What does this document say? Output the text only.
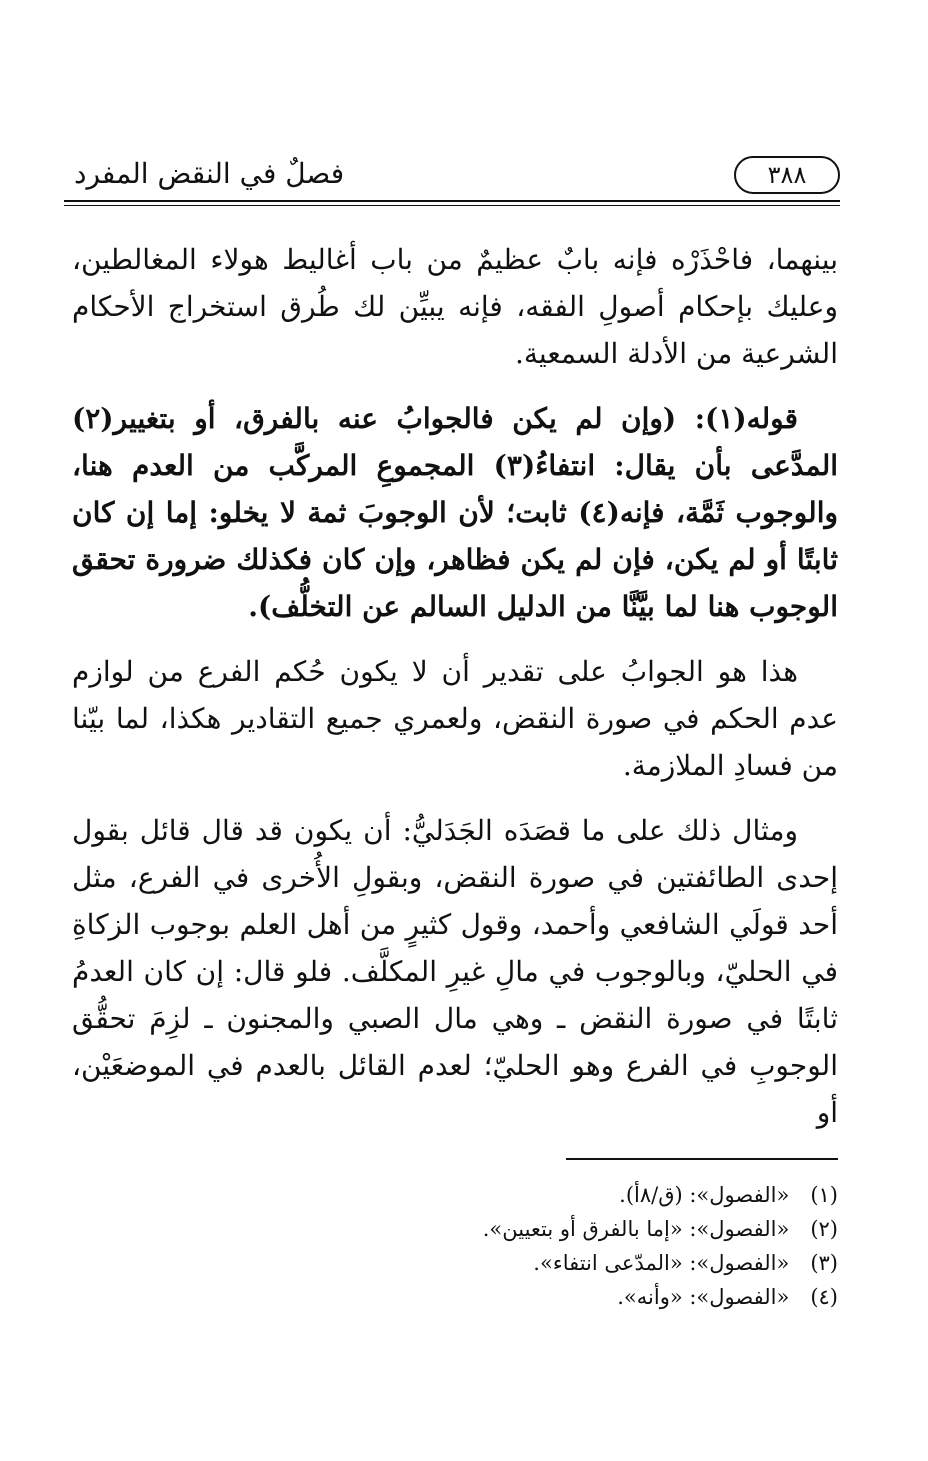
٣٨٨
فصلٌ في النقض المفرد

بينهما، فاحْذَرْه فإنه بابٌ عظيمٌ من باب أغاليط هولاء المغالطين، وعليك بإحكام أصولِ الفقه، فإنه يبيِّن لك طُرق استخراج الأحكام الشرعية من الأدلة السمعية.

قوله(١): (وإن لم يكن فالجوابُ عنه بالفرق، أو بتغيير(٢) المدَّعى بأن يقال: انتفاءُ(٣) المجموعِ المركَّب من العدم هنا، والوجوب ثَمَّة، فإنه(٤) ثابت؛ لأن الوجوبَ ثمة لا يخلو: إما إن كان ثابتًا أو لم يكن، فإن لم يكن فظاهر، وإن كان فكذلك ضرورة تحقق الوجوب هنا لما بيَّنَّا من الدليل السالم عن التخلُّف).

هذا هو الجوابُ على تقدير أن لا يكون حُكم الفرع من لوازم عدم الحكم في صورة النقض، ولعمري جميع التقادير هكذا، لما بيّنا من فسادِ الملازمة.

ومثال ذلك على ما قصَدَه الجَدَليُّ: أن يكون قد قال قائل بقول إحدى الطائفتين في صورة النقض، وبقولِ الأُخرى في الفرع، مثل أحد قولَي الشافعي وأحمد، وقول كثيرٍ من أهل العلم بوجوب الزكاةِ في الحليّ، وبالوجوب في مالِ غيرِ المكلَّف. فلو قال: إن كان العدمُ ثابتًا في صورة النقض ـ وهي مال الصبي والمجنون ـ لزِمَ تحقُّق الوجوبِ في الفرع وهو الحليّ؛ لعدم القائل بالعدم في الموضعَيْن، أو

(١) «الفصول»: (ق/٨أ).
(٢) «الفصول»: «إما بالفرق أو بتعيين».
(٣) «الفصول»: «المدّعى انتفاء».
(٤) «الفصول»: «وأنه».
